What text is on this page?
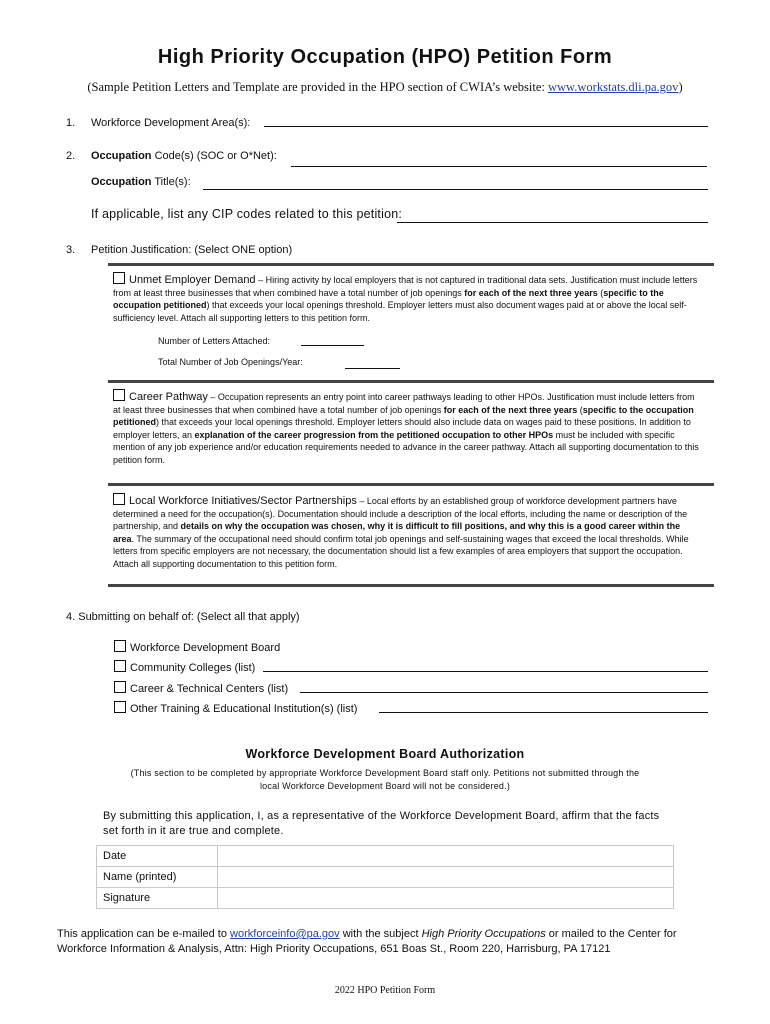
High Priority Occupation (HPO) Petition Form
(Sample Petition Letters and Template are provided in the HPO section of CWIA’s website: www.workstats.dli.pa.gov)
1. Workforce Development Area(s):
2. Occupation Code(s) (SOC or O*Net):
Occupation Title(s):
If applicable, list any CIP codes related to this petition:
3. Petition Justification: (Select ONE option)
Unmet Employer Demand – Hiring activity by local employers that is not captured in traditional data sets. Justification must include letters from at least three businesses that when combined have a total number of job openings for each of the next three years (specific to the occupation petitioned) that exceeds your local openings threshold. Employer letters must also document wages paid at or above the local self-sufficiency level. Attach all supporting letters to this petition form.
Number of Letters Attached:
Total Number of Job Openings/Year:
Career Pathway – Occupation represents an entry point into career pathways leading to other HPOs. Justification must include letters from at least three businesses that when combined have a total number of job openings for each of the next three years (specific to the occupation petitioned) that exceeds your local openings threshold. Employer letters should also include data on wages paid to these positions. In addition to employer letters, an explanation of the career progression from the petitioned occupation to other HPOs must be included with specific mention of any job experience and/or education requirements needed to advance in the career pathway. Attach all supporting documentation to this petition form.
Local Workforce Initiatives/Sector Partnerships – Local efforts by an established group of workforce development partners have determined a need for the occupation(s). Documentation should include a description of the local efforts, including the name or description of the partnership, and details on why the occupation was chosen, why it is difficult to fill positions, and why this is a good career within the area. The summary of the occupational need should confirm total job openings and self-sustaining wages that exceed the local thresholds. While letters from specific employers are not necessary, the documentation should list a few examples of area employers that support the occupation. Attach all supporting documentation to this petition form.
4. Submitting on behalf of: (Select all that apply)
Workforce Development Board
Community Colleges (list)
Career & Technical Centers (list)
Other Training & Educational Institution(s) (list)
Workforce Development Board Authorization
(This section to be completed by appropriate Workforce Development Board staff only. Petitions not submitted through the
local Workforce Development Board will not be considered.)
By submitting this application, I, as a representative of the Workforce Development Board, affirm that the facts
set forth in it are true and complete.
Date	
Name (printed)	
Signature	
This application can be e-mailed to workforceinfo@pa.gov with the subject High Priority Occupations or mailed to the Center for
Workforce Information & Analysis, Attn: High Priority Occupations, 651 Boas St., Room 220, Harrisburg, PA 17121
2022 HPO Petition Form
